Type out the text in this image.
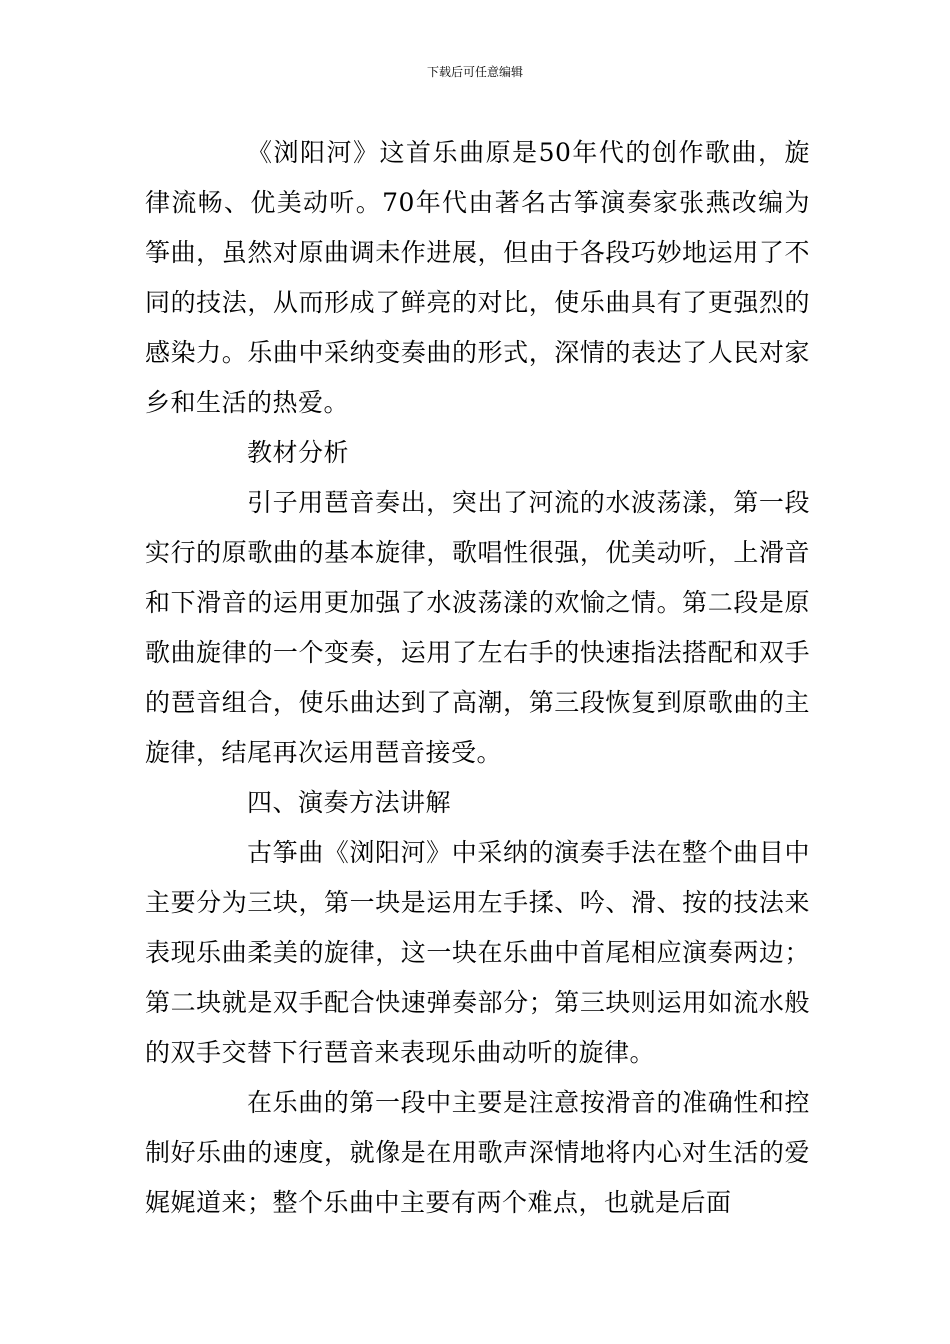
下载后可任意编辑

《浏阳河》这首乐曲原是50年代的创作歌曲，旋律流畅、优美动听。70年代由著名古筝演奏家张燕改编为筝曲，虽然对原曲调未作进展，但由于各段巧妙地运用了不同的技法，从而形成了鲜亮的对比，使乐曲具有了更强烈的感染力。乐曲中采纳变奏曲的形式，深情的表达了人民对家乡和生活的热爱。

教材分析

引子用琶音奏出，突出了河流的水波荡漾，第一段实行的原歌曲的基本旋律，歌唱性很强，优美动听，上滑音和下滑音的运用更加强了水波荡漾的欢愉之情。第二段是原歌曲旋律的一个变奏，运用了左右手的快速指法搭配和双手的琶音组合，使乐曲达到了高潮，第三段恢复到原歌曲的主旋律，结尾再次运用琶音接受。

四、演奏方法讲解

古筝曲《浏阳河》中采纳的演奏手法在整个曲目中主要分为三块，第一块是运用左手揉、吟、滑、按的技法来表现乐曲柔美的旋律，这一块在乐曲中首尾相应演奏两边；第二块就是双手配合快速弹奏部分；第三块则运用如流水般的双手交替下行琶音来表现乐曲动听的旋律。

在乐曲的第一段中主要是注意按滑音的准确性和控制好乐曲的速度，就像是在用歌声深情地将内心对生活的爱娓娓道来；整个乐曲中主要有两个难点，也就是后面
